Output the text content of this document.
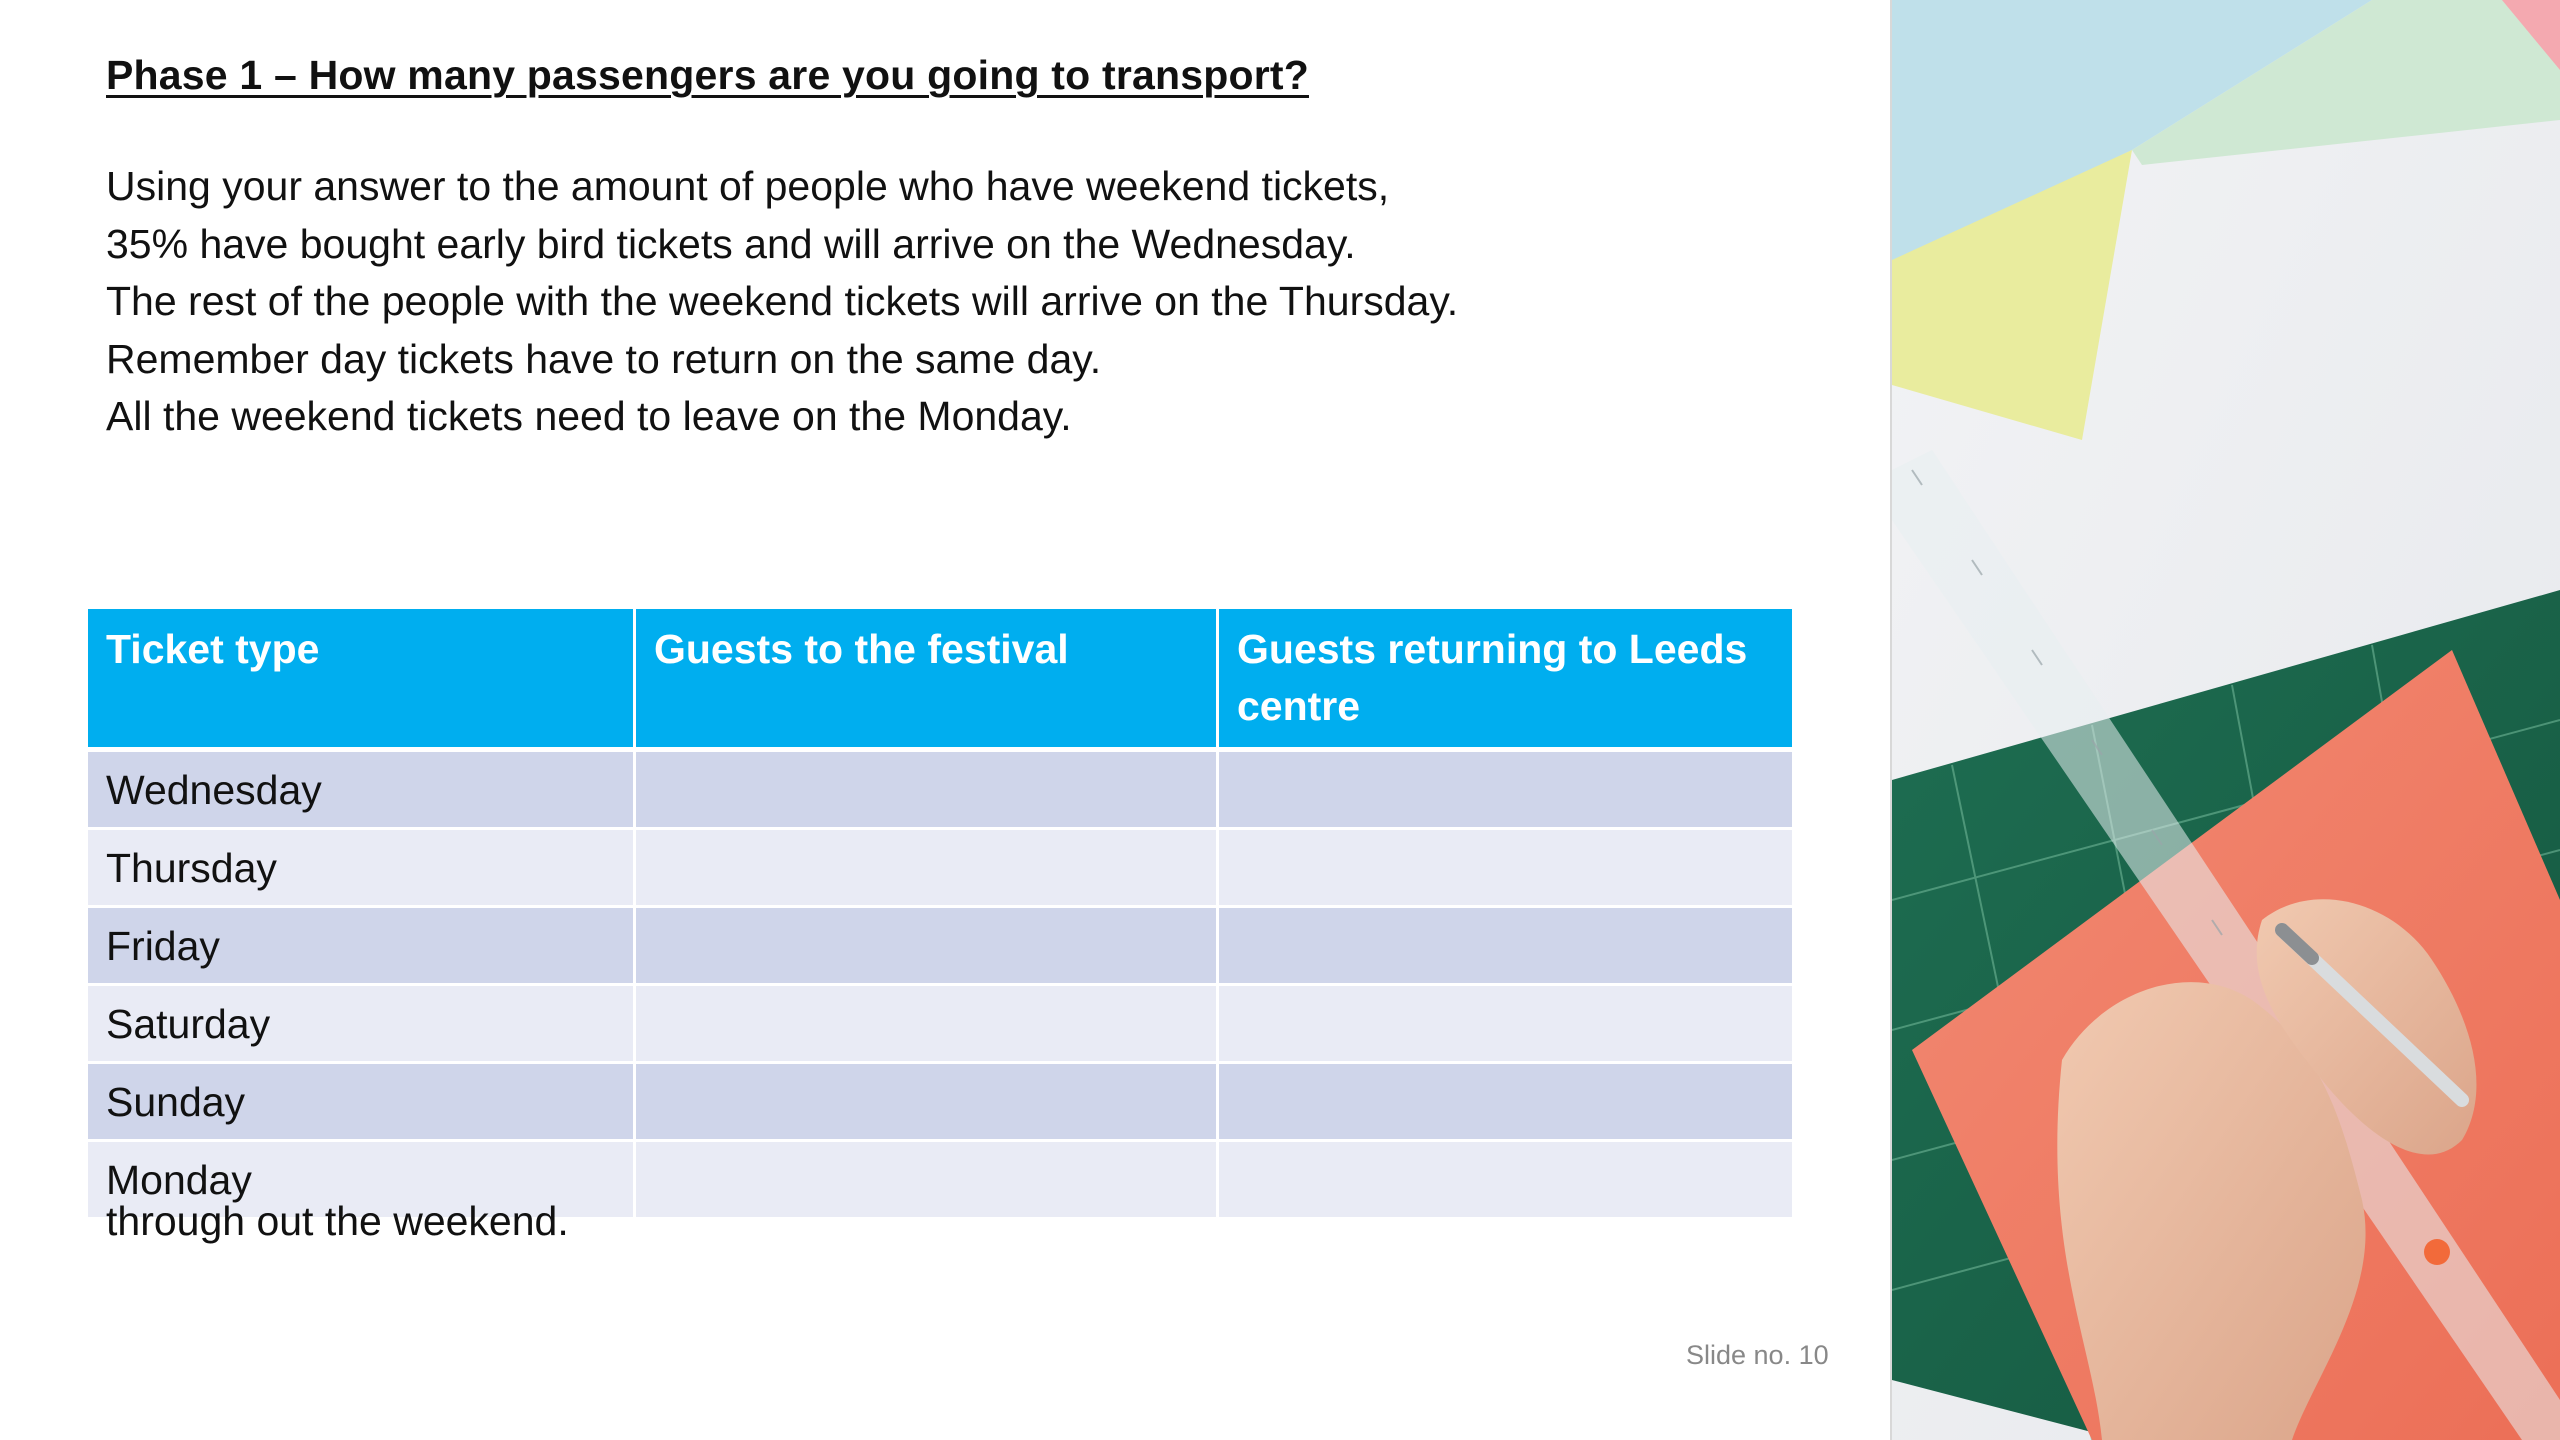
Phase 1 – How many passengers are you going to transport?
Using your answer to the amount of people who have weekend tickets,
35% have bought early bird tickets and will arrive on the Wednesday.
The rest of the people with the weekend tickets will arrive on the Thursday.
Remember day tickets have to return on the same day.
All the weekend tickets need to leave on the Monday.
Ticket type	Guests to the festival	Guests returning to Leeds centre
Wednesday		
Thursday		
Friday		
Saturday		
Sunday		
Monday		
through out the weekend.
Slide no. 10
